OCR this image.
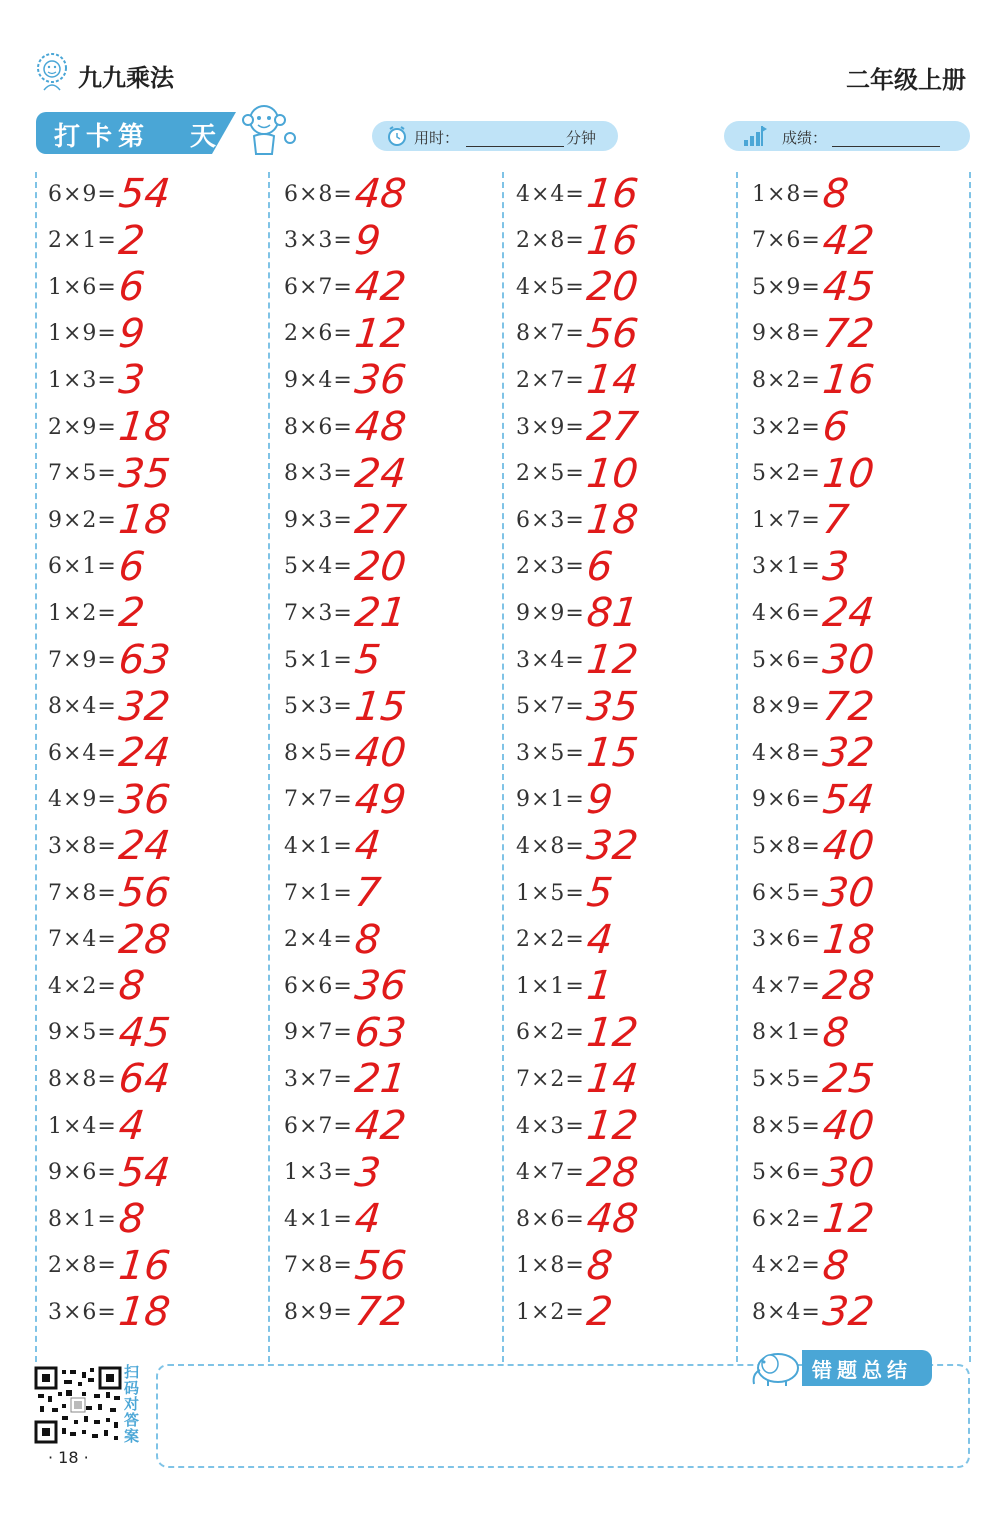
九九乘法	二年级上册
打卡第 天	用时：	分钟	成绩：
6×9= 54
2×1= 2
1×6= 6
1×9= 9
1×3= 3
2×9= 18
7×5= 35
9×2= 18
6×1= 6
1×2= 2
7×9= 63
8×4= 32
6×4= 24
4×9= 36
3×8= 24
7×8= 56
7×4= 28
4×2= 8
9×5= 45
8×8= 64
1×4= 4
9×6= 54
8×1= 8
2×8= 16
3×6= 18
6×8= 48
3×3= 9
6×7= 42
2×6= 12
9×4= 36
8×6= 48
8×3= 24
9×3= 27
5×4= 20
7×3= 21
5×1= 5
5×3= 15
8×5= 40
7×7= 49
4×1= 4
7×1= 7
2×4= 8
6×6= 36
9×7= 63
3×7= 21
6×7= 42
1×3= 3
4×1= 4
7×8= 56
8×9= 72
4×4= 16
2×8= 16
4×5= 20
8×7= 56
2×7= 14
3×9= 27
2×5= 10
6×3= 18
2×3= 6
9×9= 81
3×4= 12
5×7= 35
3×5= 15
9×1= 9
4×8= 32
1×5= 5
2×2= 4
1×1= 1
6×2= 12
7×2= 14
4×3= 12
4×7= 28
8×6= 48
1×8= 8
1×2= 2
1×8= 8
7×6= 42
5×9= 45
9×8= 72
8×2= 16
3×2= 6
5×2= 10
1×7= 7
3×1= 3
4×6= 24
5×6= 30
8×9= 72
4×8= 32
9×6= 54
5×8= 40
6×5= 30
3×6= 18
4×7= 28
8×1= 8
5×5= 25
8×5= 40
5×6= 30
6×2= 12
4×2= 8
8×4= 32
错题总结
扫码对答案
· 18 ·
